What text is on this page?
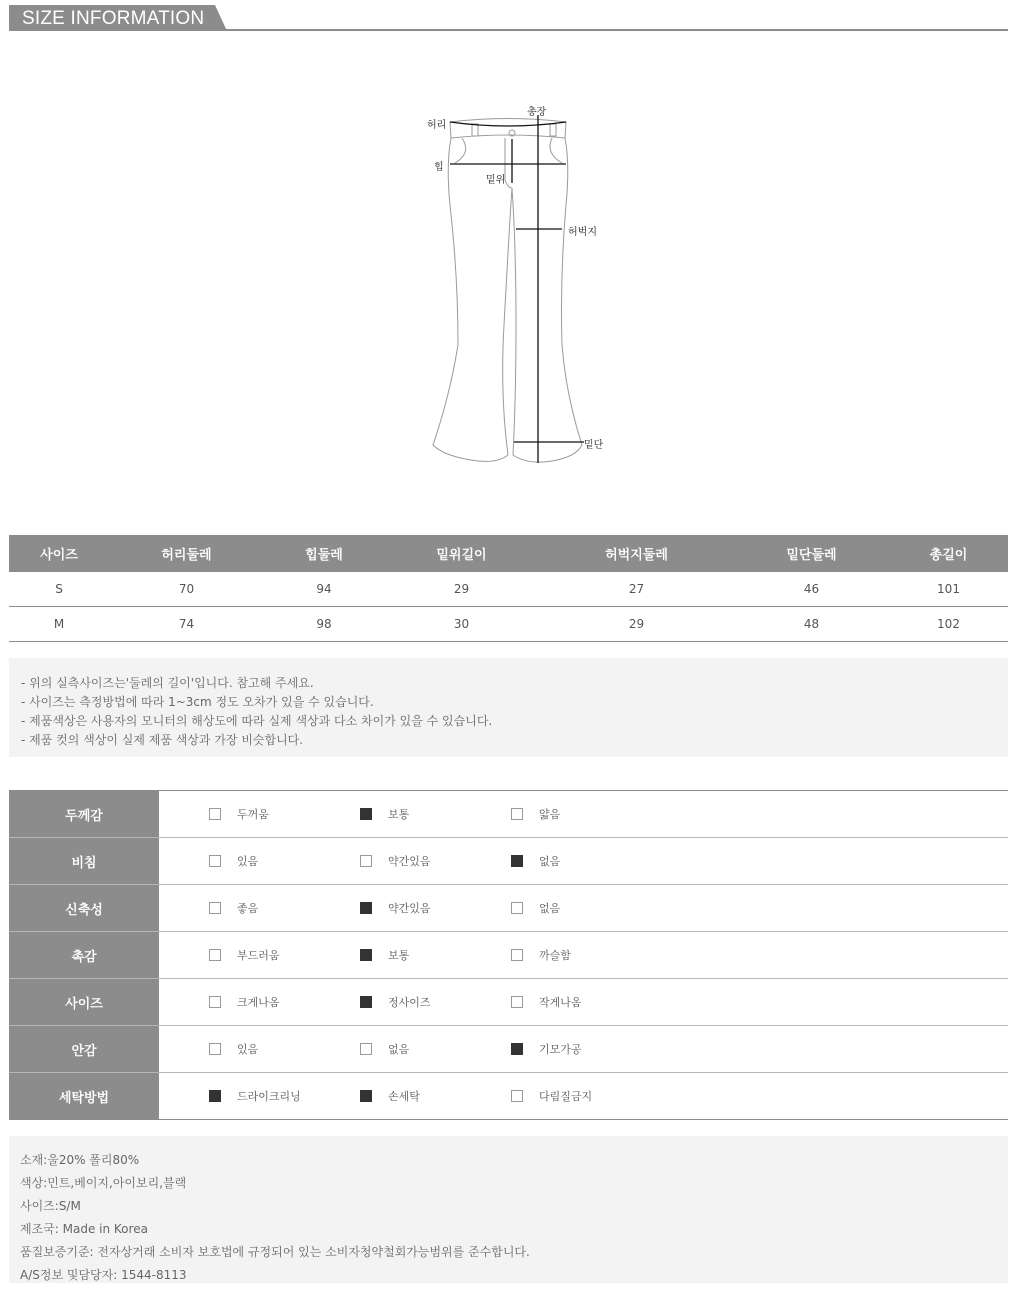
SIZE INFORMATION
총장
허리
힙
밑위
허벅지
밑단
사이즈	허리둘레	힙둘레	밑위길이	허벅지둘레	밑단둘레	총길이
S	70	94	29	27	46	101
M	74	98	30	29	48	102
- 위의 실측사이즈는'둘레의 길이'입니다. 참고해 주세요.
- 사이즈는 측정방법에 따라 1~3cm 정도 오차가 있을 수 있습니다.
- 제품색상은 사용자의 모니터의 해상도에 따라 실제 색상과 다소 차이가 있을 수 있습니다.
- 제품 컷의 색상이 실제 제품 색상과 가장 비슷합니다.
두께감	두꺼움	보통	얇음
비침	있음	약간있음	없음
신축성	좋음	약간있음	없음
촉감	부드러움	보통	까슬함
사이즈	크게나옴	정사이즈	작게나옴
안감	있음	없음	기모가공
세탁방법	드라이크리닝	손세탁	다림질금지
소재:울20% 폴리80%
색상:민트,베이지,아이보리,블랙
사이즈:S/M
제조국: Made in Korea
품질보증기준: 전자상거래 소비자 보호법에 규정되어 있는 소비자청약철회가능범위를 준수합니다.
A/S정보 및담당자: 1544-8113
